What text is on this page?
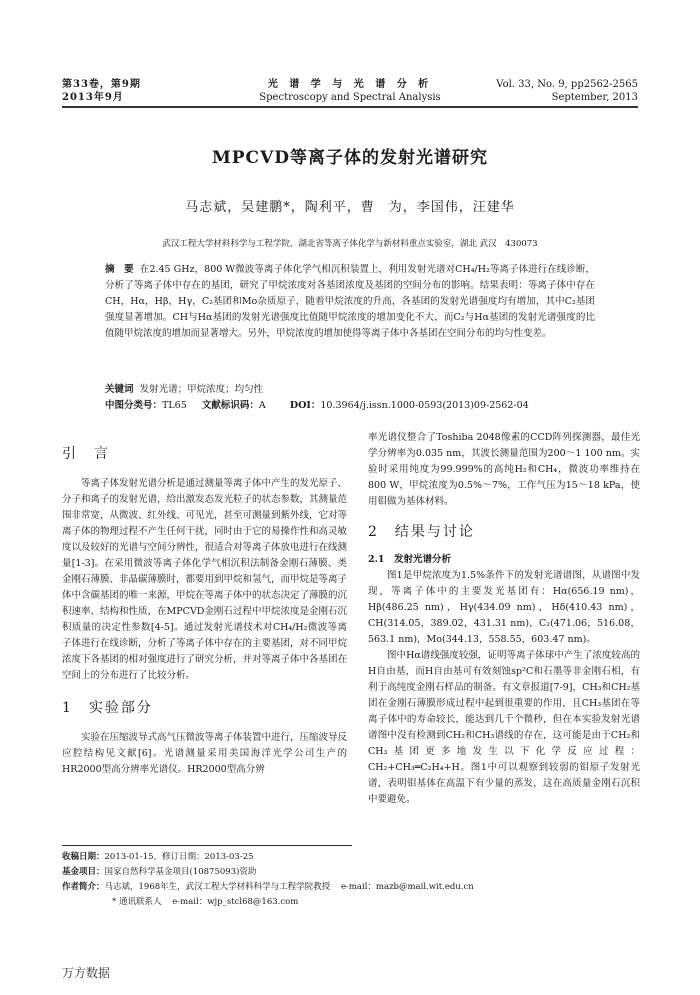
第33卷，第9期
2013年9月
光 谱 学 与 光 谱 分 析
Spectroscopy and Spectral Analysis
Vol. 33, No. 9, pp2562-2565
September, 2013
MPCVD等离子体的发射光谱研究
马志斌，吴建鹏*，陶利平，曹　为，李国伟，汪建华
武汉工程大学材料科学与工程学院，湖北省等离子体化学与新材料重点实验室，湖北 武汉　430073
摘　要 在2.45 GHz，800 W微波等离子体化学气相沉积装置上，利用发射光谱对CH₄/H₂等离子体进行在线诊断，分析了等离子体中存在的基团，研究了甲烷浓度对各基团浓度及基团的空间分布的影响。结果表明：等离子体中存在CH，Hα，Hβ，Hγ，C₂基团和Mo杂质原子，随着甲烷浓度的升高，各基团的发射光谱强度均有增加，其中C₂基团强度显著增加。CH与Hα基团的发射光谱强度比值随甲烷浓度的增加变化不大，而C₂与Hα基团的发射光谱强度的比值随甲烷浓度的增加而显著增大。另外，甲烷浓度的增加使得等离子体中各基团在空间分布的均匀性变差。
关键词 发射光谱；甲烷浓度；均匀性
中图分类号：TL65 文献标识码：A	DOI：10.3964/j.issn.1000-0593(2013)09-2562-04
引　言

等离子体发射光谱分析是通过测量等离子体中产生的发光原子、分子和离子的发射光谱，给出激发态发光粒子的状态参数，其测量范围非常宽，从微波、红外线、可见光，甚至可测量到紫外线，它对等离子体的物理过程不产生任何干扰，同时由于它的易操作性和高灵敏度以及较好的光谱与空间分辨性，很适合对等离子体放电进行在线测量[1-3]。在采用微波等离子体化学气相沉积法制备金刚石薄膜、类金刚石薄膜、非晶碳薄膜时，都要用到甲烷和氢气，而甲烷是等离子体中含碳基团的唯一来源，甲烷在等离子体中的状态决定了薄膜的沉积速率、结构和性质，在MPCVD金刚石过程中甲烷浓度是金刚石沉积质量的决定性参数[4-5]。通过发射光谱技术对CH₄/H₂微波等离子体进行在线诊断，分析了等离子体中存在的主要基团，对不同甲烷浓度下各基团的相对强度进行了研究分析，并对等离子体中各基团在空间上的分布进行了比较分析。

1　实验部分

实验在压缩波导式高气压微波等离子体装置中进行，压缩波导反应腔结构见文献[6]。光谱测量采用美国海洋光学公司生产的HR2000型高分辨率光谱仪。HR2000型高分辨

率光谱仪整合了Toshiba 2048像素的CCD阵列探测器，最佳光学分辨率为0.035 nm，其波长测量范围为200～1 100 nm。实验时采用纯度为99.999%的高纯H₂和CH₄，微波功率维持在800 W，甲烷浓度为0.5%～7%，工作气压为15～18 kPa，使用钼做为基体材料。

2　结果与讨论
2.1　发射光谱分析

图1是甲烷浓度为1.5%条件下的发射光谱谱图，从谱图中发现，等离子体中的主要发光基团有：Hα(656.19 nm)，Hβ(486.25 nm)，Hγ(434.09 nm)，Hδ(410.43 nm)，CH(314.05，389.02，431.31 nm)，C₂(471.06，516.08，563.1 nm)，Mo(344.13，558.55，603.47 nm)。

图中Hα谱线强度较强，证明等离子体球中产生了浓度较高的H自由基，而H自由基可有效刻蚀sp²C和石墨等非金刚石相，有利于高纯度金刚石样品的制备。有文章报道[7-9]，CH₃和CH₂基团在金刚石薄膜形成过程中起到很重要的作用，且CH₃基团在等离子体中的寿命较长，能达到几千个微秒，但在本实验发射光谱谱图中没有检测到CH₂和CH₃谱线的存在，这可能是由于CH₂和CH₃基团更多地发生以下化学反应过程：CH₂+CH₃═C₂H₄+H。图1中可以观察到较弱的钼原子发射光谱，表明钼基体在高温下有少量的蒸发，这在高质量金刚石沉积中要避免。

收稿日期：2013-01-15，修订日期：2013-03-25
基金项目：国家自然科学基金项目(10875093)资助
作者简介：马志斌，1968年生，武汉工程大学材料科学与工程学院教授 e-mail：mazb@mail.wit.edu.cn
* 通讯联系人 e-mail：wjp_stcl68@163.com
万方数据
